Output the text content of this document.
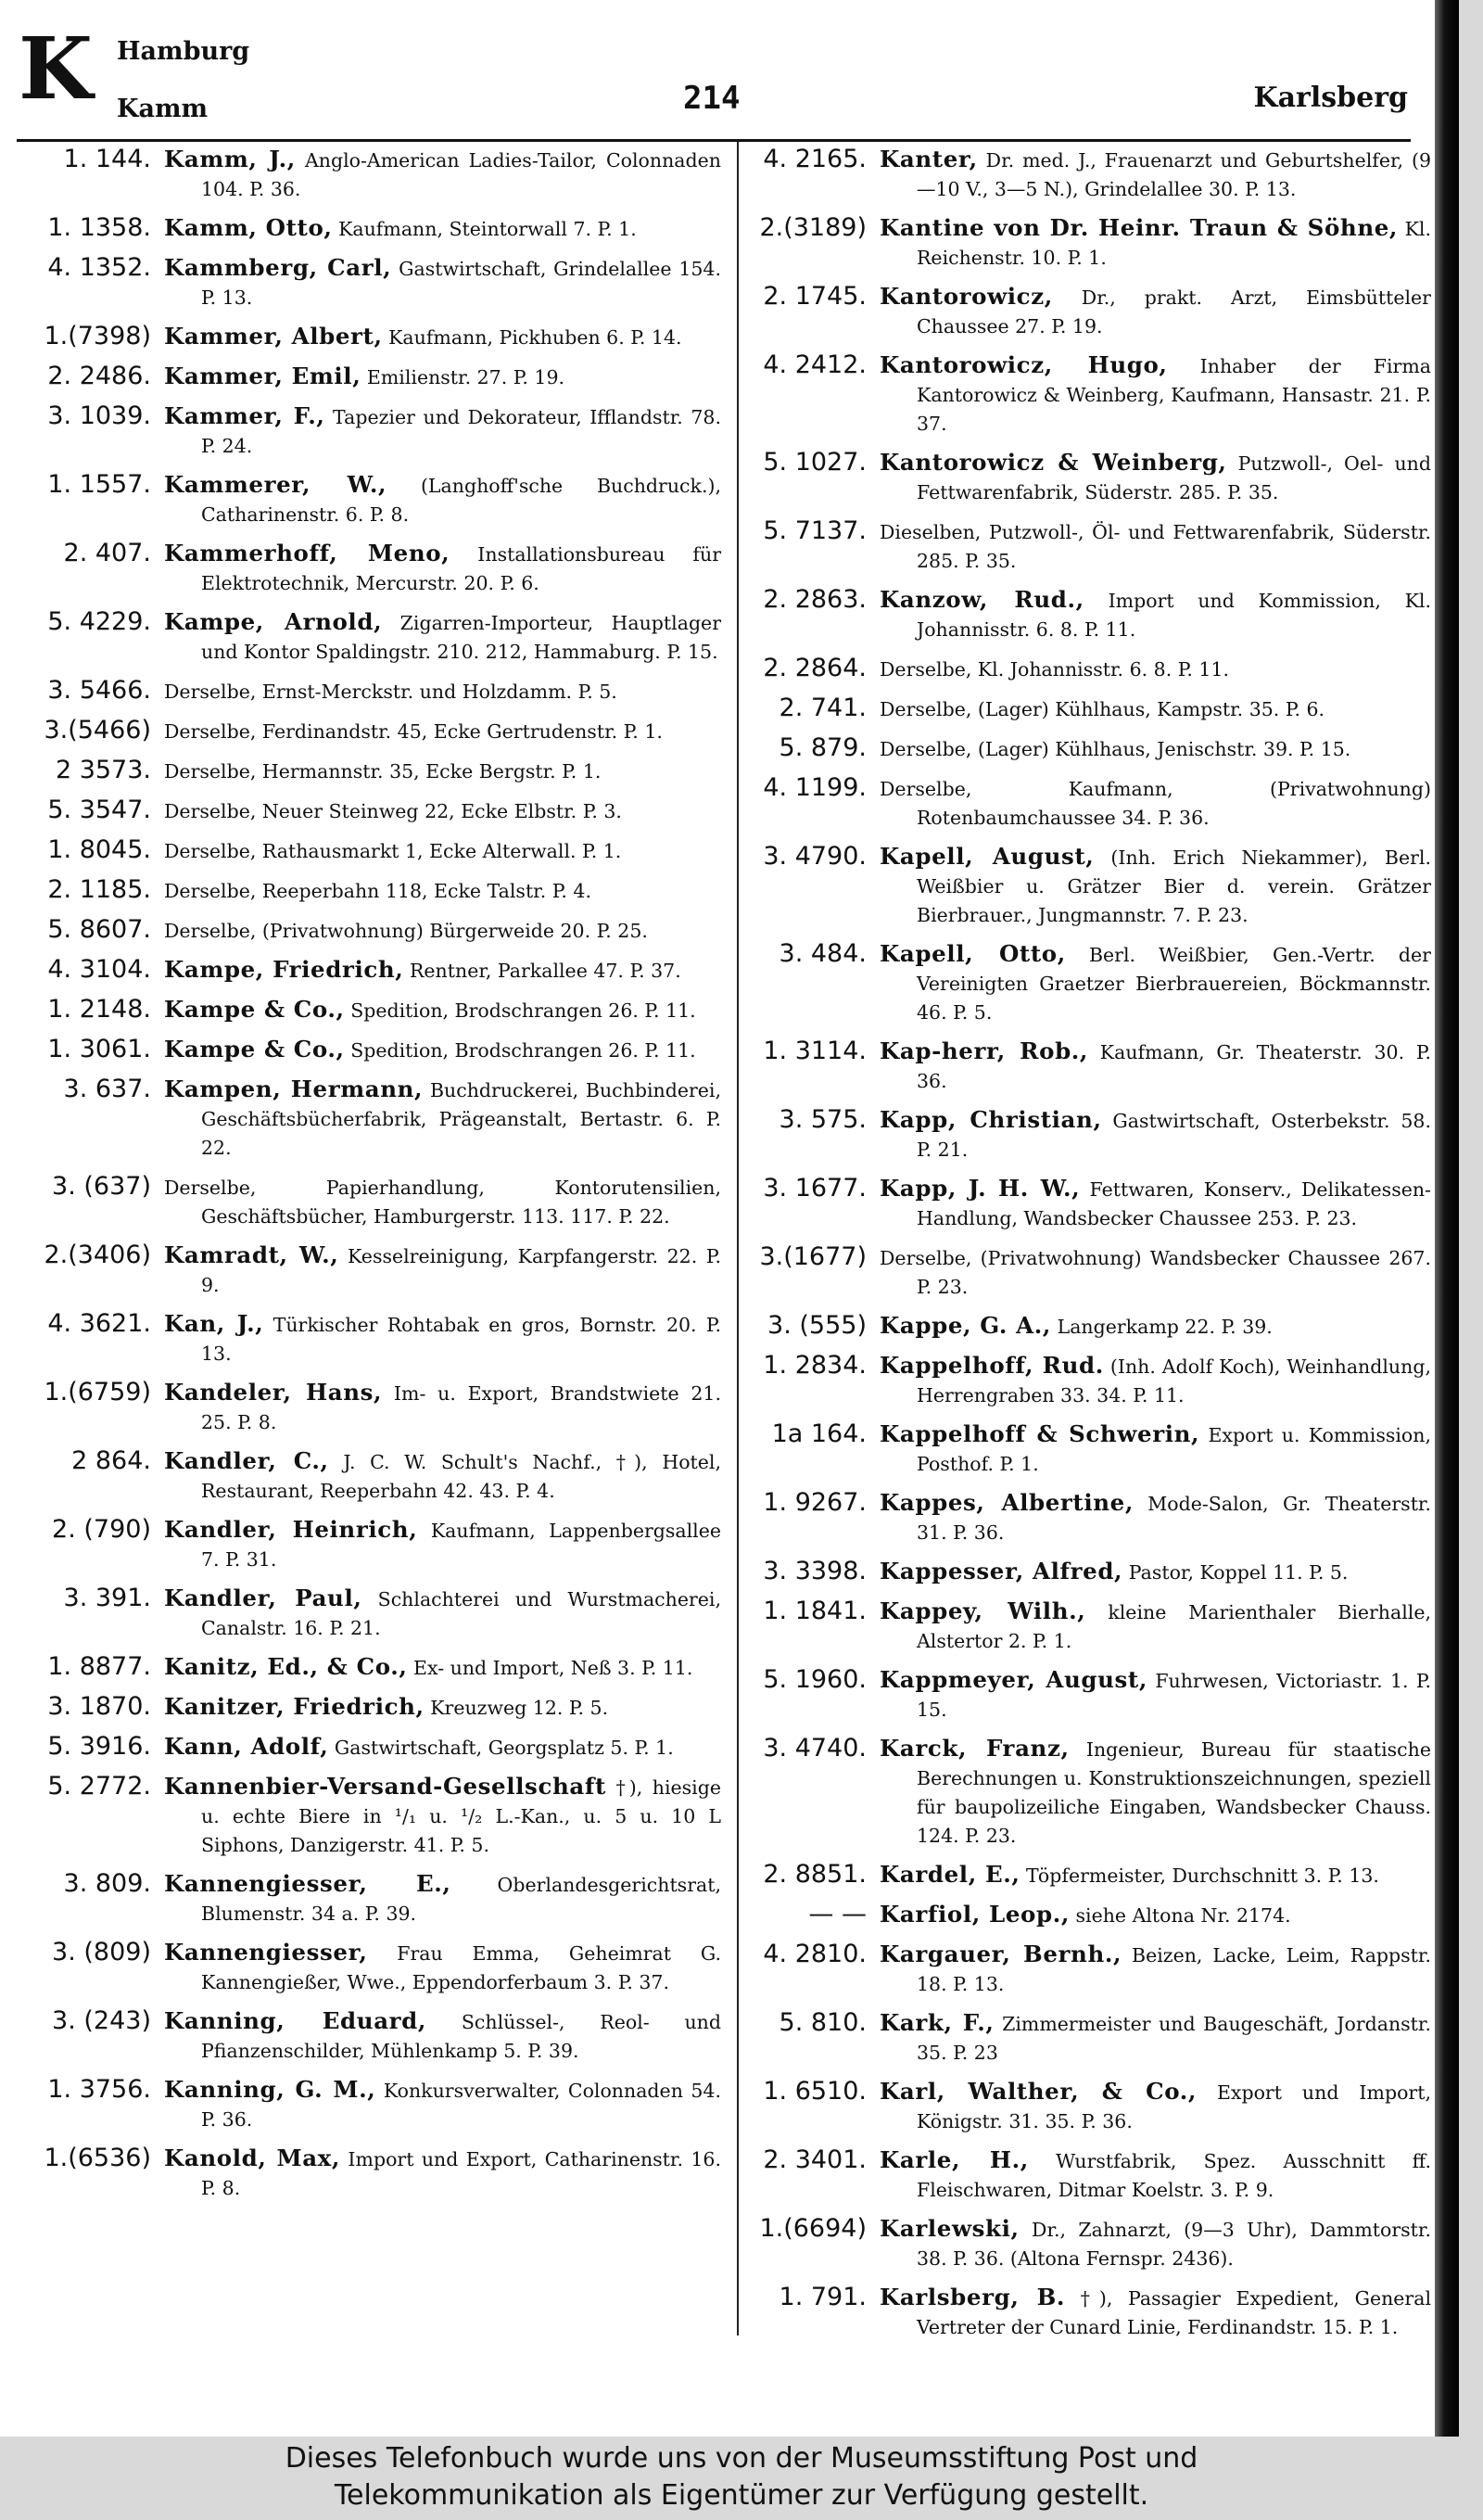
K Hamburg
Kamm	214	Karlsberg
1. 144. Kamm, J., Anglo-American Ladies-Tailor, Colonnaden 104. P. 36.
1. 1358. Kamm, Otto, Kaufmann, Steintorwall 7. P. 1.
4. 1352. Kammberg, Carl, Gastwirtschaft, Grindelallee 154. P. 13.
1.(7398) Kammer, Albert, Kaufmann, Pickhuben 6. P. 14.
2. 2486. Kammer, Emil, Emilienstr. 27. P. 19.
3. 1039. Kammer, F., Tapezier und Dekorateur, Ifflandstr. 78. P. 24.
1. 1557. Kammerer, W., (Langhoff'sche Buchdruck.), Catharinenstr. 6. P. 8.
2. 407. Kammerhoff, Meno, Installationsbureau für Elektrotechnik, Mercurstr. 20. P. 6.
5. 4229. Kampe, Arnold, Zigarren-Importeur, Hauptlager und Kontor Spaldingstr. 210. 212, Hammaburg. P. 15.
3. 5466. Derselbe, Ernst-Merckstr. und Holzdamm. P. 5.
3.(5466) Derselbe, Ferdinandstr. 45, Ecke Gertrudenstr. P. 1.
2 3573. Derselbe, Hermannstr. 35, Ecke Bergstr. P. 1.
5. 3547. Derselbe, Neuer Steinweg 22, Ecke Elbstr. P. 3.
1. 8045. Derselbe, Rathausmarkt 1, Ecke Alterwall. P. 1.
2. 1185. Derselbe, Reeperbahn 118, Ecke Talstr. P. 4.
5. 8607. Derselbe, (Privatwohnung) Bürgerweide 20. P. 25.
4. 3104. Kampe, Friedrich, Rentner, Parkallee 47. P. 37.
1. 2148. Kampe & Co., Spedition, Brodschrangen 26. P. 11.
1. 3061. Kampe & Co., Spedition, Brodschrangen 26. P. 11.
3. 637. Kampen, Hermann, Buchdruckerei, Buchbinderei, Geschäftsbücherfabrik, Prägeanstalt, Bertastr. 6. P. 22.
3. (637) Derselbe, Papierhandlung, Kontorutensilien, Geschäftsbücher, Hamburgerstr. 113. 117. P. 22.
2.(3406) Kamradt, W., Kesselreinigung, Karpfangerstr. 22. P. 9.
4. 3621. Kan, J., Türkischer Rohtabak en gros, Bornstr. 20. P. 13.
1.(6759) Kandeler, Hans, Im- u. Export, Brandstwiete 21. 25. P. 8.
2 864. Kandler, C., J. C. W. Schult's Nachf., †), Hotel, Restaurant, Reeperbahn 42. 43. P. 4.
2. (790) Kandler, Heinrich, Kaufmann, Lappenbergsallee 7. P. 31.
3. 391. Kandler, Paul, Schlachterei und Wurstmacherei, Canalstr. 16. P. 21.
1. 8877. Kanitz, Ed., & Co., Ex- und Import, Neß 3. P. 11.
3. 1870. Kanitzer, Friedrich, Kreuzweg 12. P. 5.
5. 3916. Kann, Adolf, Gastwirtschaft, Georgsplatz 5. P. 1.
5. 2772. Kannenbier-Versand-Gesellschaft †), hiesige u. echte Biere in ¹/₁ u. ¹/₂ L.-Kan., u. 5 u. 10 L Siphons, Danzigerstr. 41. P. 5.
3. 809. Kannengiesser, E., Oberlandesgerichtsrat, Blumenstr. 34 a. P. 39.
3. (809) Kannengiesser, Frau Emma, Geheimrat G. Kannengießer, Wwe., Eppendorferbaum 3. P. 37.
3. (243) Kanning, Eduard, Schlüssel-, Reol- und Pfianzenschilder, Mühlenkamp 5. P. 39.
1. 3756. Kanning, G. M., Konkursverwalter, Colonnaden 54. P. 36.
1.(6536) Kanold, Max, Import und Export, Catharinenstr. 16. P. 8.
4. 2165. Kanter, Dr. med. J., Frauenarzt und Geburtshelfer, (9—10 V., 3—5 N.), Grindelallee 30. P. 13.
2.(3189) Kantine von Dr. Heinr. Traun & Söhne, Kl. Reichenstr. 10. P. 1.
2. 1745. Kantorowicz, Dr., prakt. Arzt, Eimsbütteler Chaussee 27. P. 19.
4. 2412. Kantorowicz, Hugo, Inhaber der Firma Kantorowicz & Weinberg, Kaufmann, Hansastr. 21. P. 37.
5. 1027. Kantorowicz & Weinberg, Putzwoll-, Oel- und Fettwarenfabrik, Süderstr. 285. P. 35.
5. 7137. Dieselben, Putzwoll-, Öl- und Fettwarenfabrik, Süderstr. 285. P. 35.
2. 2863. Kanzow, Rud., Import und Kommission, Kl. Johannisstr. 6. 8. P. 11.
2. 2864. Derselbe, Kl. Johannisstr. 6. 8. P. 11.
2. 741. Derselbe, (Lager) Kühlhaus, Kampstr. 35. P. 6.
5. 879. Derselbe, (Lager) Kühlhaus, Jenischstr. 39. P. 15.
4. 1199. Derselbe, Kaufmann, (Privatwohnung) Rotenbaumchaussee 34. P. 36.
3. 4790. Kapell, August, (Inh. Erich Niekammer), Berl. Weißbier u. Grätzer Bier d. verein. Grätzer Bierbrauer., Jungmannstr. 7. P. 23.
3. 484. Kapell, Otto, Berl. Weißbier, Gen.-Vertr. der Vereinigten Graetzer Bierbrauereien, Böckmannstr. 46. P. 5.
1. 3114. Kap-herr, Rob., Kaufmann, Gr. Theaterstr. 30. P. 36.
3. 575. Kapp, Christian, Gastwirtschaft, Osterbekstr. 58. P. 21.
3. 1677. Kapp, J. H. W., Fettwaren, Konserv., Delikatessen-Handlung, Wandsbecker Chaussee 253. P. 23.
3.(1677) Derselbe, (Privatwohnung) Wandsbecker Chaussee 267. P. 23.
3. (555) Kappe, G. A., Langerkamp 22. P. 39.
1. 2834. Kappelhoff, Rud. (Inh. Adolf Koch), Weinhandlung, Herrengraben 33. 34. P. 11.
1a 164. Kappelhoff & Schwerin, Export u. Kommission, Posthof. P. 1.
1. 9267. Kappes, Albertine, Mode-Salon, Gr. Theaterstr. 31. P. 36.
3. 3398. Kappesser, Alfred, Pastor, Koppel 11. P. 5.
1. 1841. Kappey, Wilh., kleine Marienthaler Bierhalle, Alstertor 2. P. 1.
5. 1960. Kappmeyer, August, Fuhrwesen, Victoriastr. 1. P. 15.
3. 4740. Karck, Franz, Ingenieur, Bureau für staatische Berechnungen u. Konstruktionszeichnungen, speziell für baupolizeiliche Eingaben, Wandsbecker Chauss. 124. P. 23.
2. 8851. Kardel, E., Töpfermeister, Durchschnitt 3. P. 13.
— — Karfiol, Leop., siehe Altona Nr. 2174.
4. 2810. Kargauer, Bernh., Beizen, Lacke, Leim, Rappstr. 18. P. 13.
5. 810. Kark, F., Zimmermeister und Baugeschäft, Jordanstr. 35. P. 23
1. 6510. Karl, Walther, & Co., Export und Import, Königstr. 31. 35. P. 36.
2. 3401. Karle, H., Wurstfabrik, Spez. Ausschnitt ff. Fleischwaren, Ditmar Koelstr. 3. P. 9.
1.(6694) Karlewski, Dr., Zahnarzt, (9—3 Uhr), Dammtorstr. 38. P. 36. (Altona Fernspr. 2436).
1. 791. Karlsberg, B. †), Passagier Expedient, General Vertreter der Cunard Linie, Ferdinandstr. 15. P. 1.
Dieses Telefonbuch wurde uns von der Museumsstiftung Post und
Telekommunikation als Eigentümer zur Verfügung gestellt.
